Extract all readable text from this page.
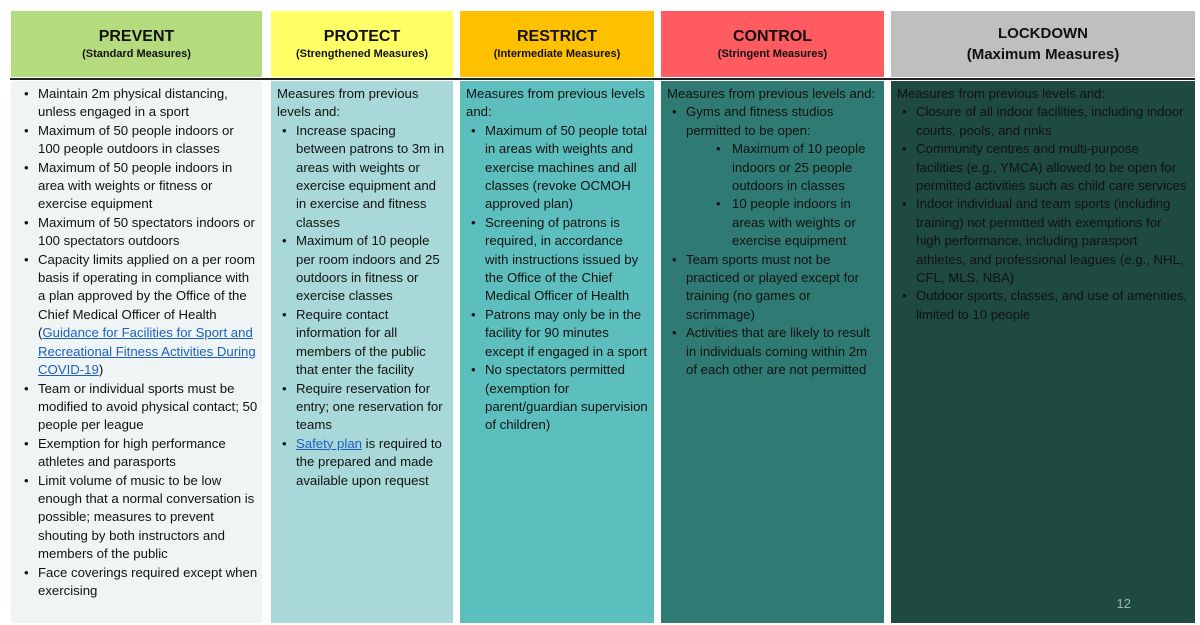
PREVENT
(Standard Measures)
• Maintain 2m physical distancing, unless engaged in a sport
• Maximum of 50 people indoors or 100 people outdoors in classes
• Maximum of 50 people indoors in area with weights or fitness or exercise equipment
• Maximum of 50 spectators indoors or 100 spectators outdoors
• Capacity limits applied on a per room basis if operating in compliance with a plan approved by the Office of the Chief Medical Officer of Health (Guidance for Facilities for Sport and Recreational Fitness Activities During COVID-19)
• Team or individual sports must be modified to avoid physical contact; 50 people per league
• Exemption for high performance athletes and parasports
• Limit volume of music to be low enough that a normal conversation is possible; measures to prevent shouting by both instructors and members of the public
• Face coverings required except when exercising
PROTECT
(Strengthened Measures)
Measures from previous levels and:
• Increase spacing between patrons to 3m in areas with weights or exercise equipment and in exercise and fitness classes
• Maximum of 10 people per room indoors and 25 outdoors in fitness or exercise classes
• Require contact information for all members of the public that enter the facility
• Require reservation for entry; one reservation for teams
• Safety plan is required to the prepared and made available upon request
RESTRICT
(Intermediate Measures)
Measures from previous levels and:
• Maximum of 50 people total in areas with weights and exercise machines and all classes (revoke OCMOH approved plan)
• Screening of patrons is required, in accordance with instructions issued by the Office of the Chief Medical Officer of Health
• Patrons may only be in the facility for 90 minutes except if engaged in a sport
• No spectators permitted (exemption for parent/guardian supervision of children)
CONTROL
(Stringent Measures)
Measures from previous levels and:
• Gyms and fitness studios permitted to be open:
• Maximum of 10 people indoors or 25 people outdoors in classes
• 10 people indoors in areas with weights or exercise equipment
• Team sports must not be practiced or played except for training (no games or scrimmage)
• Activities that are likely to result in individuals coming within 2m of each other are not permitted
LOCKDOWN
(Maximum Measures)
Measures from previous levels and:
• Closure of all indoor facilities, including indoor courts, pools, and rinks
• Community centres and multi-purpose facilities (e.g., YMCA) allowed to be open for permitted activities such as child care services
• Indoor individual and team sports (including training) not permitted with exemptions for high performance, including parasport athletes, and professional leagues (e.g., NHL, CFL, MLS, NBA)
• Outdoor sports, classes, and use of amenities, limited to 10 people
12
